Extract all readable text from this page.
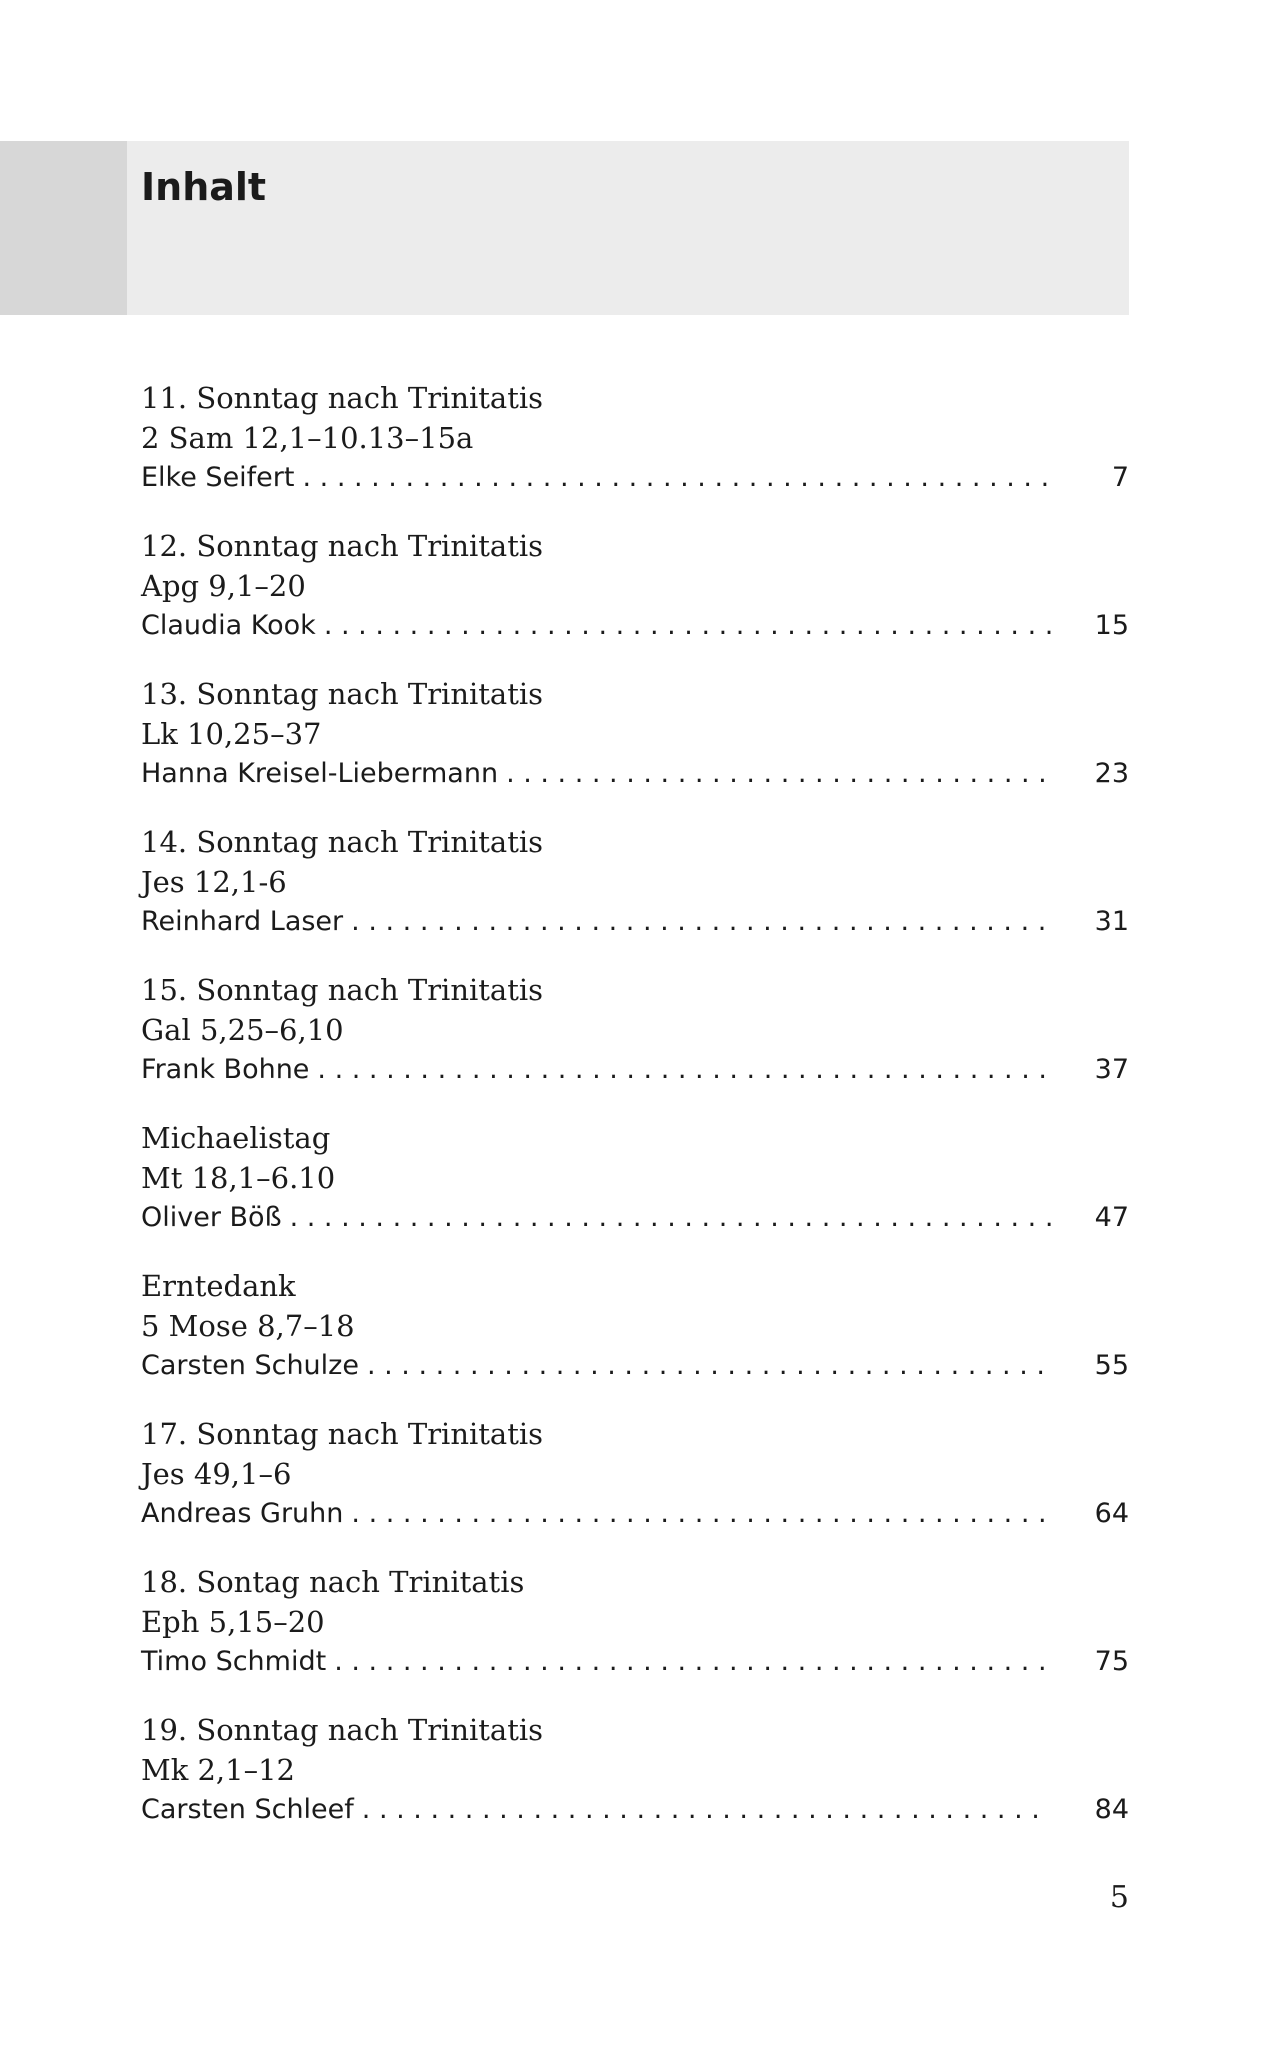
Inhalt
11. Sonntag nach Trinitatis
2 Sam 12,1–10.13–15a
Elke Seifert . . .	7
12. Sonntag nach Trinitatis
Apg 9,1–20
Claudia Kook . . .	15
13. Sonntag nach Trinitatis
Lk 10,25–37
Hanna Kreisel-Liebermann . . .	23
14. Sonntag nach Trinitatis
Jes 12,1-6
Reinhard Laser . . .	31
15. Sonntag nach Trinitatis
Gal 5,25–6,10
Frank Bohne . . .	37
Michaelistag
Mt 18,1–6.10
Oliver Böß . . .	47
Erntedank
5 Mose 8,7–18
Carsten Schulze . . .	55
17. Sonntag nach Trinitatis
Jes 49,1–6
Andreas Gruhn . . .	64
18. Sontag nach Trinitatis
Eph 5,15–20
Timo Schmidt . . .	75
19. Sonntag nach Trinitatis
Mk 2,1–12
Carsten Schleef . . .	84
5
